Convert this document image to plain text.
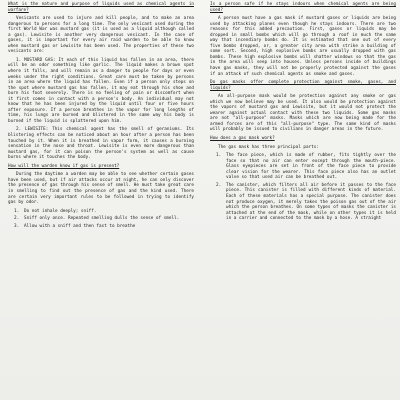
What is the nature and purpose of liquids used as chemical agents in warfare?

Vesicants are used to injure and kill people, and to make an area dangerous to persons for a long time. The only vesicant used during the first World War was mustard gas (it is used as a liquid although called a gas). Lewisite is another very dangerous vesicant. In the case of gases, it is important for every air raid warden to be able to know when mustard gas or Lewisite has been used. The properties of these two vesicants are:

1. MUSTARD GAS: It each of this liquid has fallen in an area, there will be an odor something like garlic. The liquid makes a brown spot where it falls, and will remain as a danger to people for days or even weeks under the right conditions. Great care must be taken by persons in an area where the liquid has fallen. Even if a person only steps on the spot where mustard gas has fallen, it may eat through his shoe and burn his foot severely. There is no feeling of pain or discomfort when it first comes in contact with a person's body. An individual may not know that he has been injured by the liquid until four or five hours after exposure. If a person breathes in the vapor for long lengths of time, his lungs are burned and blistered in the same way his body is burned if the liquid is splattered upon him.

2. LEWISITE: This chemical agent has the smell of geraniums. Its blistering effects can be noticed about an hour after a person has been touched by it. When it is breathed in vapor form, it causes a burning sensation in the nose and throat. Lewisite is even more dangerous than mustard gas, for it can poison the person's system as well as cause burns where it touches the body.

How will the warden know if gas is present?

During the daytime a warden may be able to see whether certain gases have been used, but if air attacks occur at night, he can only discover the presence of gas through his sense of smell. He must take great care in smelling to find out the presence of gas and the kind used. There are certain very important rules to be followed in trying to identify gas by odor.

1.	Do not inhale deeply; sniff.
2.	Sniff only once. Repeated smelling dulls the sense of smell.
3.	Allow with a sniff and then fast to breathe

Is a person safe if he stays indoors when chemical agents are being used?

A person must have a gas mask if mustard gases or liquids are being used by attacking planes even though he stays indoors. There are two reasons for this added precaution. First, gases or liquids may be dropped in small bombs which will go through a roof in much the same way that incendiary bombs do. It is estimated that one out of every five bombs dropped, or, a greater city area with strike a building of some sort. Second, high explosive bombs are usually dropped with gas bombs. These high explosive bombs will shatter windows so that the gas in the area will seep into houses. Unless persons inside of buildings have gas masks, they will not be properly protected against the gases if an attack of such chemical agents as smoke and gases.

Do gas masks offer complete protection against smoke, gases, and liquids?

An all-purpose mask would be protection against any smoke or gas which we now believe may be used. It also would be protection against the vapors of mustard gas and Lewisite, but it would not protect the wearer against actual contact with these two liquids. Some gas masks are not "all-purpose" masks. Masks which are now being made for the armed forces are of this "all-purpose" type. The same kind of masks will probably be issued to civilians in danger areas in the future.

How does a gas mask work?

The gas mask has three principal parts:

1.	The face piece, which is made of rubber, fits tightly over the face so that no air can enter except through the mouth-piece. Glass eyepieces are set in front of the face piece to provide clear vision for the wearer. This face piece also has an outlet valve so that used air can be breathed out.
2.	The canister, which filters all air before it passes to the face piece. This canister is filled with different kinds of material. Each of these materials has a special purpose. The canister does not produce oxygen, it merely takes the poison gas out of the air which the person breathes. On some types of masks the canister is attached at the end of the mask, while on other types it is held in a carrier and connected to the mask by a hose. A straight
